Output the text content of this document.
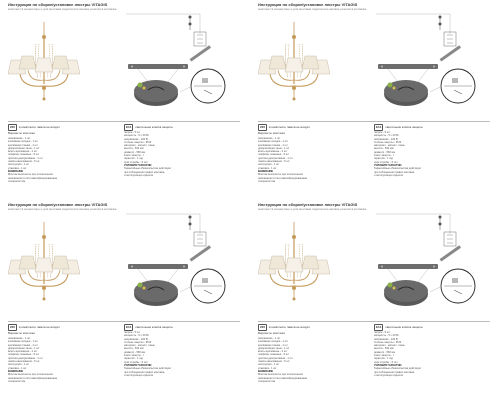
Инструкция по сборке/установке люстры VITAGIS
комплект в коннекторе и для монтажа подключите мелкие розетки в колпачке
220	в комплекте лампа не входит	E14	светильник класса защиты
Варианты монтажа
напряжение - 1 шт
клеммная колодка - 1 шт
крепёжная планка - 1 шт
декоративная чаша - 1 шт
винты крепёжные - 2 шт
плафоны тканевые - 5 шт
цепочка декоративная - 1 шт
лампа накаливания - 5 шт
инструкция - 1 шт
упаковка - 1 шт
ВНИМАНИЕ
Монтаж выполнять при отключенном
напряжении в сети квалифицированным
специалистом
патрон - 5 шт
мощность - 5 x 40 Вт
напряжение - 220 В
степень защиты - IP20
материал - металл, ткань
высота - 530 мм
диаметр - 560 мм
класс защиты - I
гарантия - 1 год
срок службы - 5 лет
УСЛОВИЯ ГАРАНТИИ
Гарантийные обязательства действуют
при соблюдении правил монтажа
и эксплуатации изделия
Инструкция по сборке/установке люстры VITAGIS
комплект в коннекторе и для монтажа подключите мелкие розетки в колпачке
220	в комплекте лампа не входит	E14	светильник класса защиты
Варианты монтажа
напряжение - 1 шт
клеммная колодка - 1 шт
крепёжная планка - 1 шт
декоративная чаша - 1 шт
винты крепёжные - 2 шт
плафоны тканевые - 5 шт
цепочка декоративная - 1 шт
лампа накаливания - 5 шт
инструкция - 1 шт
упаковка - 1 шт
ВНИМАНИЕ
Монтаж выполнять при отключенном
напряжении в сети квалифицированным
специалистом
патрон - 5 шт
мощность - 5 x 40 Вт
напряжение - 220 В
степень защиты - IP20
материал - металл, ткань
высота - 530 мм
диаметр - 560 мм
класс защиты - I
гарантия - 1 год
срок службы - 5 лет
УСЛОВИЯ ГАРАНТИИ
Гарантийные обязательства действуют
при соблюдении правил монтажа
и эксплуатации изделия
Инструкция по сборке/установке люстры VITAGIS
комплект в коннекторе и для монтажа подключите мелкие розетки в колпачке
220	в комплекте лампа не входит	E14	светильник класса защиты
Варианты монтажа
напряжение - 1 шт
клеммная колодка - 1 шт
крепёжная планка - 1 шт
декоративная чаша - 1 шт
винты крепёжные - 2 шт
плафоны тканевые - 5 шт
цепочка декоративная - 1 шт
лампа накаливания - 5 шт
инструкция - 1 шт
упаковка - 1 шт
ВНИМАНИЕ
Монтаж выполнять при отключенном
напряжении в сети квалифицированным
специалистом
патрон - 5 шт
мощность - 5 x 40 Вт
напряжение - 220 В
степень защиты - IP20
материал - металл, ткань
высота - 530 мм
диаметр - 560 мм
класс защиты - I
гарантия - 1 год
срок службы - 5 лет
УСЛОВИЯ ГАРАНТИИ
Гарантийные обязательства действуют
при соблюдении правил монтажа
и эксплуатации изделия
Инструкция по сборке/установке люстры VITAGIS
комплект в коннекторе и для монтажа подключите мелкие розетки в колпачке
220	в комплекте лампа не входит	E14	светильник класса защиты
Варианты монтажа
напряжение - 1 шт
клеммная колодка - 1 шт
крепёжная планка - 1 шт
декоративная чаша - 1 шт
винты крепёжные - 2 шт
плафоны тканевые - 5 шт
цепочка декоративная - 1 шт
лампа накаливания - 5 шт
инструкция - 1 шт
упаковка - 1 шт
ВНИМАНИЕ
Монтаж выполнять при отключенном
напряжении в сети квалифицированным
специалистом
патрон - 5 шт
мощность - 5 x 40 Вт
напряжение - 220 В
степень защиты - IP20
материал - металл, ткань
высота - 530 мм
диаметр - 560 мм
класс защиты - I
гарантия - 1 год
срок службы - 5 лет
УСЛОВИЯ ГАРАНТИИ
Гарантийные обязательства действуют
при соблюдении правил монтажа
и эксплуатации изделия
